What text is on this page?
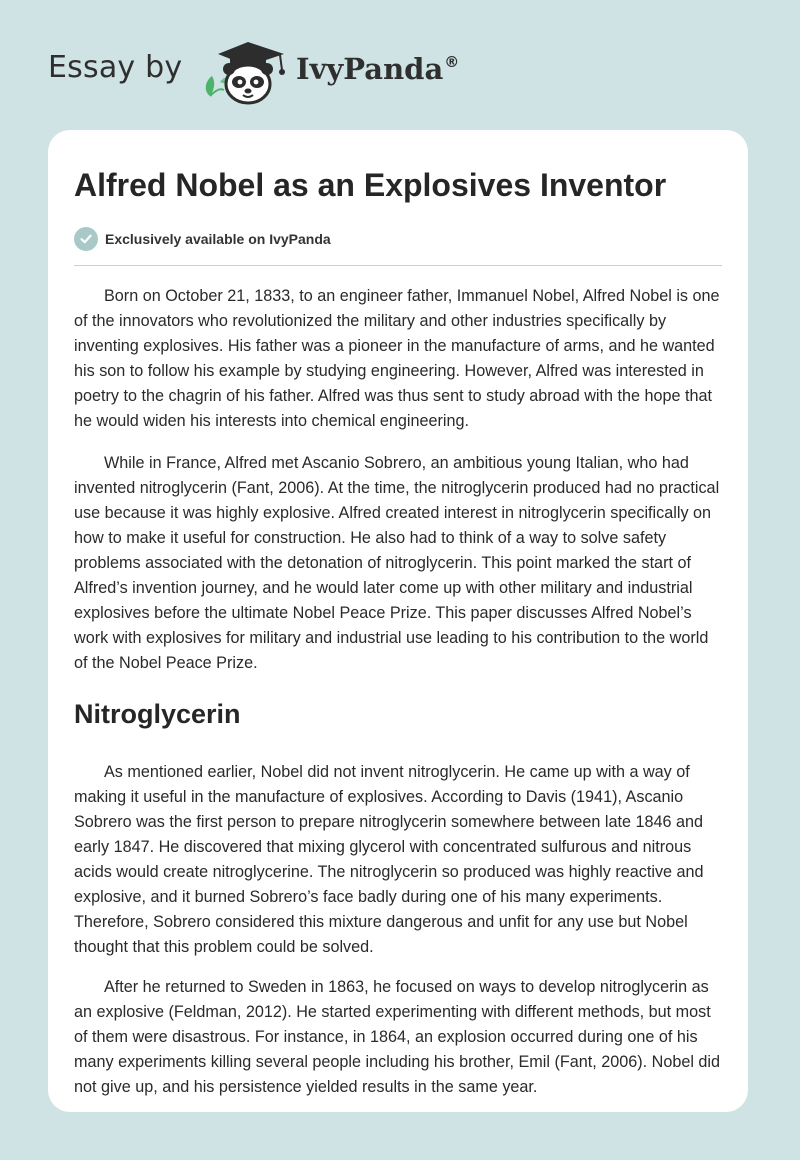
Essay by	IvyPanda®
Alfred Nobel as an Explosives Inventor
Exclusively available on IvyPanda

Born on October 21, 1833, to an engineer father, Immanuel Nobel, Alfred Nobel is one of the innovators who revolutionized the military and other industries specifically by inventing explosives. His father was a pioneer in the manufacture of arms, and he wanted his son to follow his example by studying engineering. However, Alfred was interested in poetry to the chagrin of his father. Alfred was thus sent to study abroad with the hope that he would widen his interests into chemical engineering.

While in France, Alfred met Ascanio Sobrero, an ambitious young Italian, who had invented nitroglycerin (Fant, 2006). At the time, the nitroglycerin produced had no practical use because it was highly explosive. Alfred created interest in nitroglycerin specifically on how to make it useful for construction. He also had to think of a way to solve safety problems associated with the detonation of nitroglycerin. This point marked the start of Alfred’s invention journey, and he would later come up with other military and industrial explosives before the ultimate Nobel Peace Prize. This paper discusses Alfred Nobel’s work with explosives for military and industrial use leading to his contribution to the world of the Nobel Peace Prize.

Nitroglycerin

As mentioned earlier, Nobel did not invent nitroglycerin. He came up with a way of making it useful in the manufacture of explosives. According to Davis (1941), Ascanio Sobrero was the first person to prepare nitroglycerin somewhere between late 1846 and early 1847. He discovered that mixing glycerol with concentrated sulfurous and nitrous acids would create nitroglycerine. The nitroglycerin so produced was highly reactive and explosive, and it burned Sobrero’s face badly during one of his many experiments. Therefore, Sobrero considered this mixture dangerous and unfit for any use but Nobel thought that this problem could be solved.

After he returned to Sweden in 1863, he focused on ways to develop nitroglycerin as an explosive (Feldman, 2012). He started experimenting with different methods, but most of them were disastrous. For instance, in 1864, an explosion occurred during one of his many experiments killing several people including his brother, Emil (Fant, 2006). Nobel did not give up, and his persistence yielded results in the same year.
